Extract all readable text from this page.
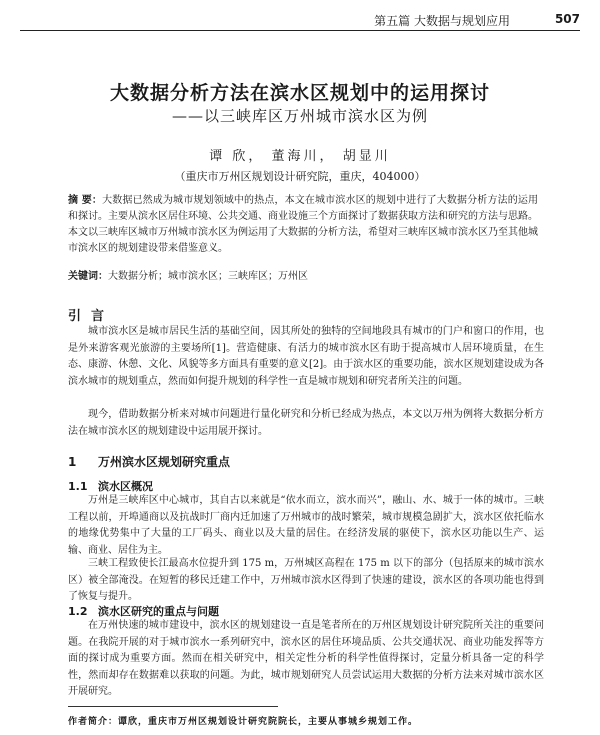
第五篇 大数据与规划应用	507
大数据分析方法在滨水区规划中的运用探讨
——以三峡库区万州城市滨水区为例
谭 欣， 董海川， 胡显川
（重庆市万州区规划设计研究院，重庆，404000）
摘 要：大数据已然成为城市规划领域中的热点，本文在城市滨水区的规划中进行了大数据分析方法的运用和探讨。主要从滨水区居住环境、公共交通、商业设施三个方面探讨了数据获取方法和研究的方法与思路。本文以三峡库区城市万州城市滨水区为例运用了大数据的分析方法，希望对三峡库区城市滨水区乃至其他城市滨水区的规划建设带来借鉴意义。
关键词：大数据分析；城市滨水区；三峡库区；万州区
引言
城市滨水区是城市居民生活的基础空间，因其所处的独特的空间地段具有城市的门户和窗口的作用，也是外来游客观光旅游的主要场所[1]。营造健康、有活力的城市滨水区有助于提高城市人居环境质量，在生态、康游、休憩、文化、风貌等多方面具有重要的意义[2]。由于滨水区的重要功能，滨水区规划建设成为各滨水城市的规划重点，然而如何提升规划的科学性一直是城市规划和研究者所关注的问题。
现今，借助数据分析来对城市问题进行量化研究和分析已经成为热点，本文以万州为例将大数据分析方法在城市滨水区的规划建设中运用展开探讨。
1 万州滨水区规划研究重点
1.1 滨水区概况
万州是三峡库区中心城市，其自古以来就是“依水而立，滨水而兴”，融山、水、城于一体的城市。三峡工程以前，开埠通商以及抗战时厂商内迁加速了万州城市的战时繁荣，城市规模急剧扩大，滨水区依托临水的地缘优势集中了大量的工厂码头、商业以及大量的居住。在经济发展的驱使下，滨水区功能以生产、运输、商业、居住为主。
三峡工程致使长江最高水位提升到 175 m，万州城区高程在 175 m 以下的部分（包括原来的城市滨水区）被全部淹没。在短暂的移民迁建工作中，万州城市滨水区得到了快速的建设，滨水区的各项功能也得到了恢复与提升。
1.2 滨水区研究的重点与问题
在万州快速的城市建设中，滨水区的规划建设一直是笔者所在的万州区规划设计研究院所关注的重要问题。在我院开展的对于城市滨水一系列研究中，滨水区的居住环境品质、公共交通状况、商业功能发挥等方面的探讨成为重要方面。然而在相关研究中，相关定性分析的科学性值得探讨，定量分析具备一定的科学性，然而却存在数据难以获取的问题。为此，城市规划研究人员尝试运用大数据的分析方法来对城市滨水区开展研究。
作者简介：谭欣，重庆市万州区规划设计研究院院长，主要从事城乡规划工作。
